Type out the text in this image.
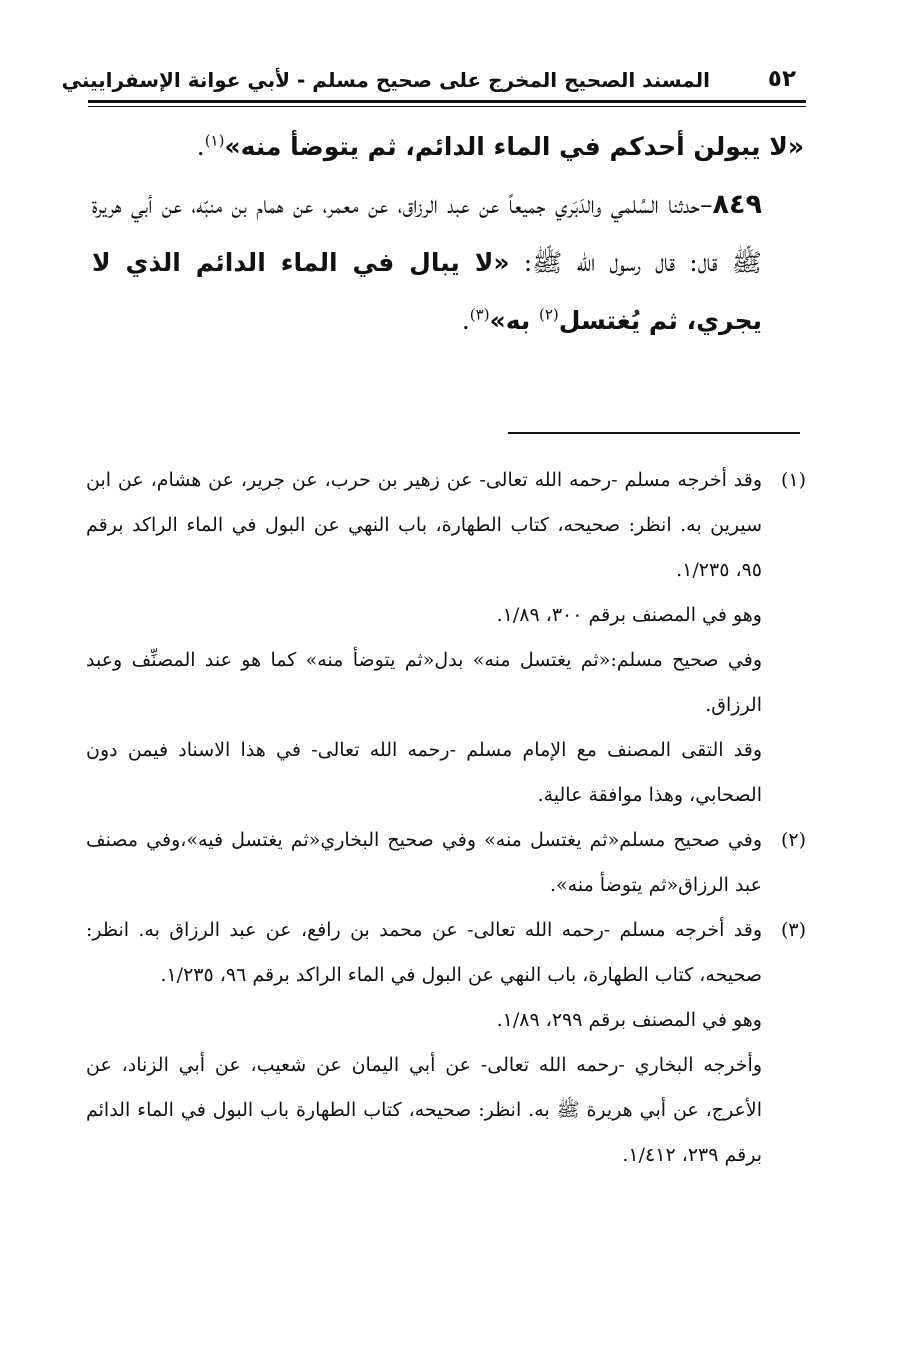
٥٢
المسند الصحيح المخرج على صحيح مسلم - لأبي عوانة الإسفراييني

«لا يبولن أحدكم في الماء الدائم، ثم يتوضأ منه»$^{(١)}$.

٨٤٩–حدثنا السُلمي والدَبَري جميعاً عن عبد الرزاق، عن معمر، عن همام بن منبّه، عن أبي هريرة ﷺ قال: قال رسول الله ﷺ: «لا يبال في الماء الدائم الذي لا يجري، ثم يُغتسل$^{(٢)}$ به»$^{(٣)}$.

(١)
وقد أخرجه مسلم -رحمه الله تعالى- عن زهير بن حرب، عن جرير، عن هشام، عن ابن سيرين به. انظر: صحيحه، كتاب الطهارة، باب النهي عن البول في الماء الراكد برقم ٩٥، ١/٢٣٥.

وهو في المصنف برقم ٣٠٠، ١/٨٩.

وفي صحيح مسلم:«ثم يغتسل منه» بدل«ثم يتوضأ منه» كما هو عند المصنِّف وعبد الرزاق.

وقد التقى المصنف مع الإمام مسلم -رحمه الله تعالى- في هذا الاسناد فيمن دون الصحابي، وهذا موافقة عالية.

(٢)
وفي صحيح مسلم«ثم يغتسل منه» وفي صحيح البخاري«ثم يغتسل فيه»،وفي مصنف عبد الرزاق«ثم يتوضأ منه».
(٣)
وقد أخرجه مسلم -رحمه الله تعالى- عن محمد بن رافع، عن عبد الرزاق به. انظر: صحيحه، كتاب الطهارة، باب النهي عن البول في الماء الراكد برقم ٩٦، ١/٢٣٥.

وهو في المصنف برقم ٢٩٩، ١/٨٩.

وأخرجه البخاري -رحمه الله تعالى- عن أبي اليمان عن شعيب، عن أبي الزناد، عن الأعرج، عن أبي هريرة ﷺ به. انظر: صحيحه، كتاب الطهارة باب البول في الماء الدائم برقم ٢٣٩، ١/٤١٢.
